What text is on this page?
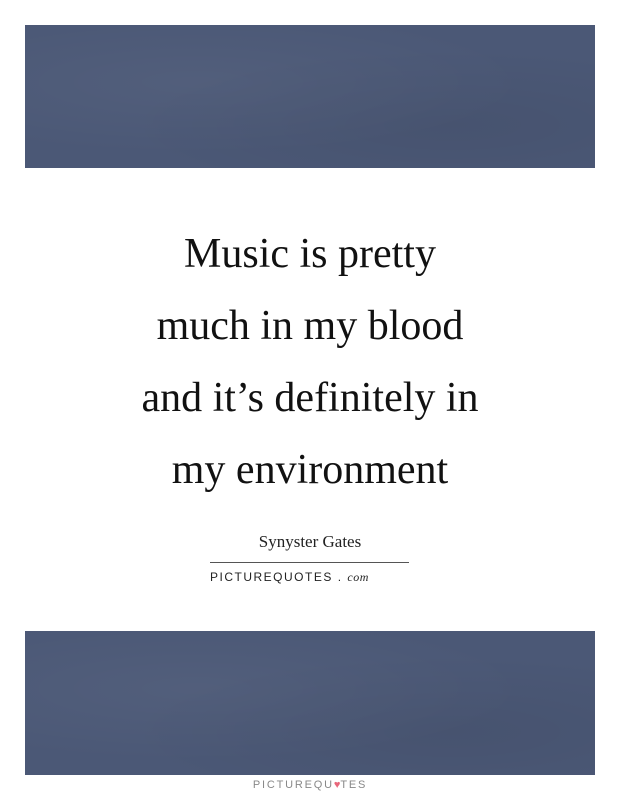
Music is pretty
much in my blood
and it’s definitely in
my environment
Synyster Gates
PICTUREQUOTES . com
PICTUREQU♥TES
